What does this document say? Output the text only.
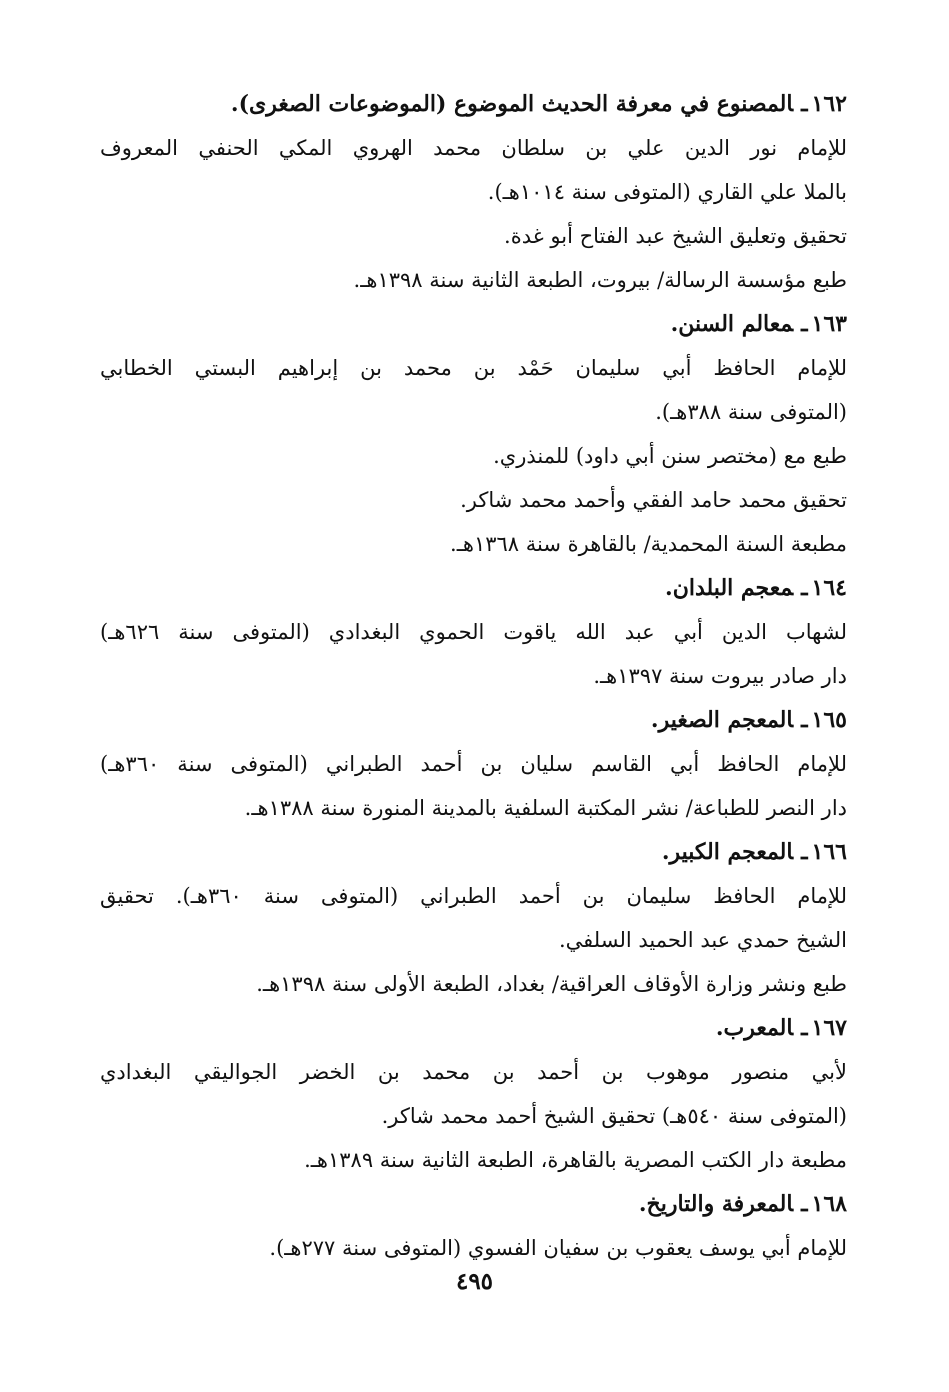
١٦٢ـالمصنوع في معرفة الحديث الموضوع (الموضوعات الصغرى).
للإمام نور الدين علي بن سلطان محمد الهروي المكي الحنفي المعروف
بالملا علي القاري (المتوفى سنة ١٠١٤هـ).
تحقيق وتعليق الشيخ عبد الفتاح أبو غدة.
طبع مؤسسة الرسالة/ بيروت، الطبعة الثانية سنة ١٣٩٨هـ.
١٦٣ـمعالم السنن.
للإمام الحافظ أبي سليمان حَمْد بن محمد بن إبراهيم البستي الخطابي
(المتوفى سنة ٣٨٨هـ).
طبع مع (مختصر سنن أبي داود) للمنذري.
تحقيق محمد حامد الفقي وأحمد محمد شاكر.
مطبعة السنة المحمدية/ بالقاهرة سنة ١٣٦٨هـ.
١٦٤ـمعجم البلدان.
لشهاب الدين أبي عبد الله ياقوت الحموي البغدادي (المتوفى سنة ٦٢٦هـ)
دار صادر بيروت سنة ١٣٩٧هـ.
١٦٥ـالمعجم الصغير.
للإمام الحافظ أبي القاسم سليان بن أحمد الطبراني (المتوفى سنة ٣٦٠هـ)
دار النصر للطباعة/ نشر المكتبة السلفية بالمدينة المنورة سنة ١٣٨٨هـ.
١٦٦ـالمعجم الكبير.
للإمام الحافظ سليمان بن أحمد الطبراني (المتوفى سنة ٣٦٠هـ). تحقيق
الشيخ حمدي عبد الحميد السلفي.
طبع ونشر وزارة الأوقاف العراقية/ بغداد، الطبعة الأولى سنة ١٣٩٨هـ.
١٦٧ـالمعرب.
لأبي منصور موهوب بن أحمد بن محمد بن الخضر الجواليقي البغدادي
(المتوفى سنة ٥٤٠هـ) تحقيق الشيخ أحمد محمد شاكر.
مطبعة دار الكتب المصرية بالقاهرة، الطبعة الثانية سنة ١٣٨٩هـ.
١٦٨ـالمعرفة والتاريخ.
للإمام أبي يوسف يعقوب بن سفيان الفسوي (المتوفى سنة ٢٧٧هـ).
٤٩٥
